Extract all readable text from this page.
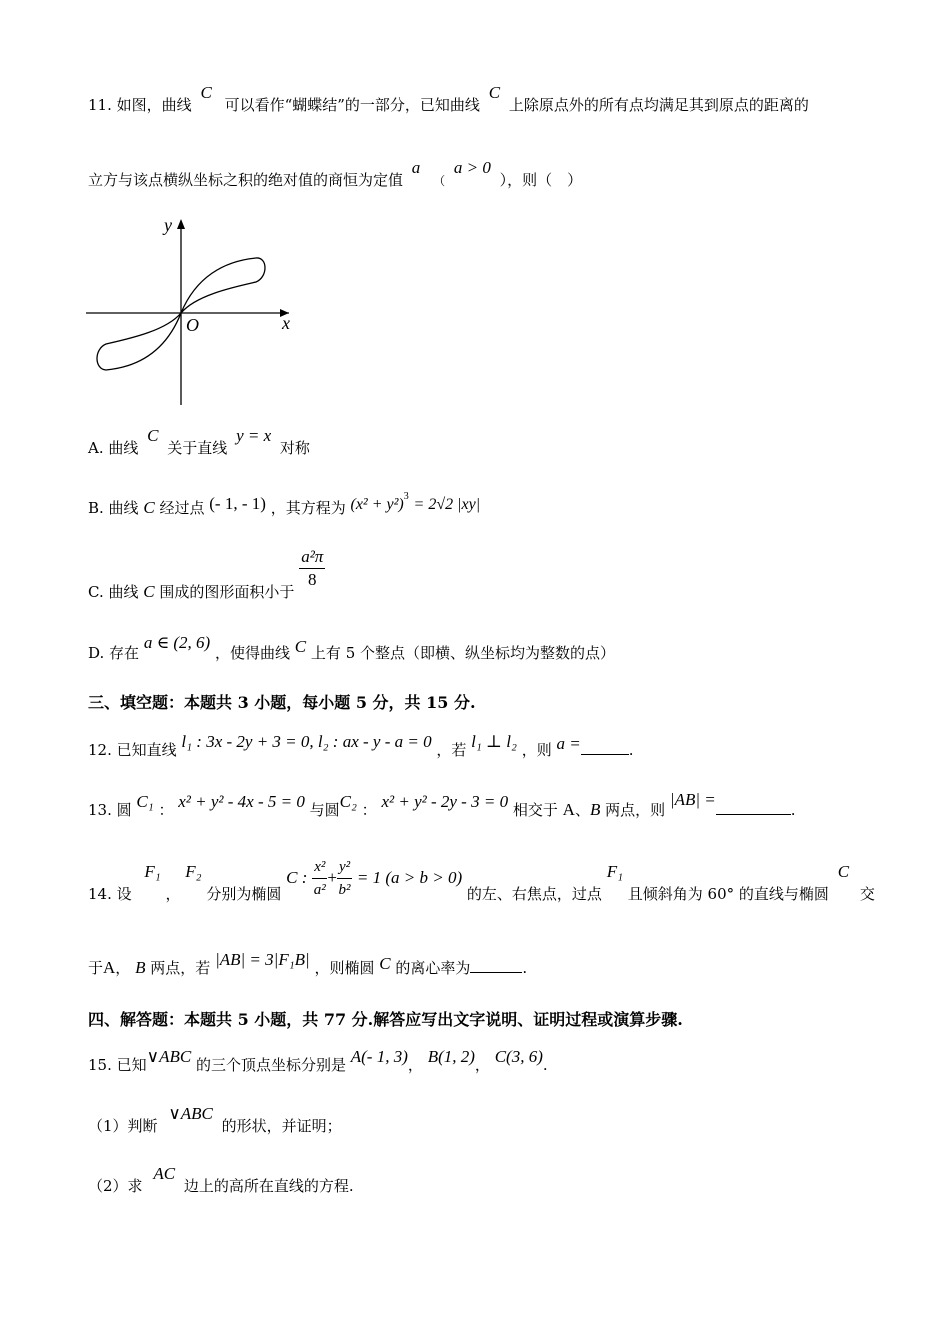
11. 如图，曲线 C 可以看作“蝴蝶结”的一部分，已知曲线 C 上除原点外的所有点均满足其到原点的距离的
立方与该点横纵坐标之积的绝对值的商恒为定值 a （ a > 0 ），则（　）
y
x
O
A. 曲线 C 关于直线 y = x 对称
B. 曲线 C 经过点 (- 1, - 1) ，其方程为 $(x^2 + y^2)^3 = 2√2$ |xy|
C. 曲线 C 围成的图形面积小于
$\frac{\text{a²π}}{8}$
D. 存在 a ∈ (2, 6) ，使得曲线 C 上有 5 个整点（即横、纵坐标均为整数的点）
三、填空题：本题共 3 小题，每小题 5 分，共 15 分.
12. 已知直线 l₁ : 3x - 2y + 3 = 0, l₂ : ax - y - a = 0 ，若 l₁ ⊥ l₂ ，则 a =	.
13. 圆 C₁ ： x² + y² - 4x - 5 = 0 与圆C₂ ： x² + y² - 2y - 3 = 0 相交于 A、B 两点，则 |AB| =.
14. 设 F₁ ， F₂ 分别为椭圆 C : $\frac{\text{x²}}{\text{a²}} + \frac{\text{y²}}{\text{b²}} = 1$ (a > b > 0) 的左、右焦点，过点 F₁ 且倾斜角为 60° 的直线与椭圆 C 交
于A， B 两点，若 |AB| = 3|F₁B| ，则椭圆 C 的离心率为	.
四、解答题：本题共 5 小题，共 77 分.解答应写出文字说明、证明过程或演算步骤.
15. 已知∨ABC 的三个顶点坐标分别是 A(- 1, 3)， B(1, 2)， C(3, 6).
（1）判断 ∨ABC 的形状，并证明；
（2）求 AC 边上的高所在直线的方程.
